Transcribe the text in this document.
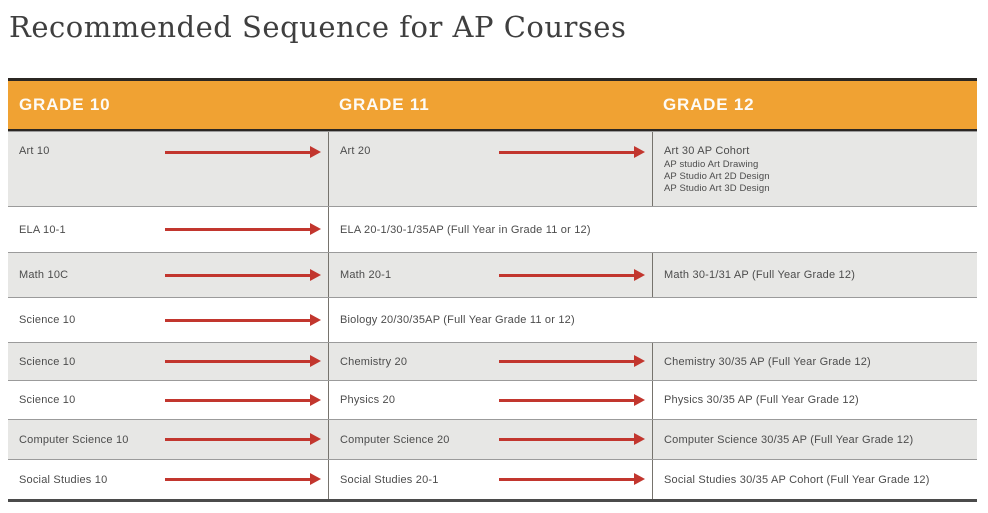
Recommended Sequence for AP Courses
GRADE 10	GRADE 11	GRADE 12
Art 10	Art 20	Art 30 AP Cohort
AP studio Art Drawing
AP Studio Art 2D Design
AP Studio Art 3D Design
ELA 10-1	ELA 20-1/30-1/35AP (Full Year in Grade 11 or 12)
Math 10C	Math 20-1	Math 30-1/31 AP (Full Year Grade 12)
Science 10	Biology 20/30/35AP (Full Year Grade 11 or 12)
Science 10	Chemistry 20	Chemistry 30/35 AP (Full Year Grade 12)
Science 10	Physics 20	Physics 30/35 AP (Full Year Grade 12)
Computer Science 10	Computer Science 20	Computer Science 30/35 AP (Full Year Grade 12)
Social Studies 10	Social Studies 20-1	Social Studies 30/35 AP Cohort (Full Year Grade 12)
